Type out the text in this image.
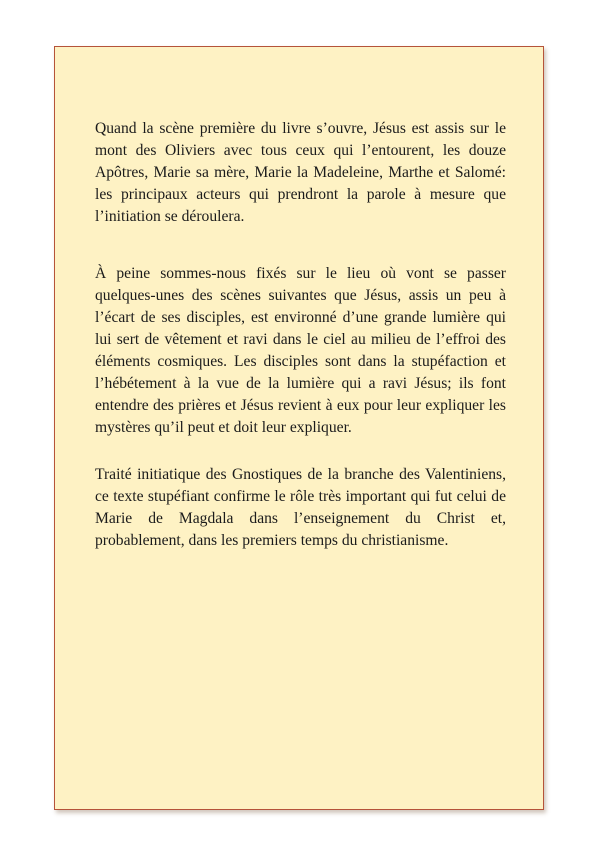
Quand la scène première du livre s’ouvre, Jésus est assis sur le mont des Oliviers avec tous ceux qui l’entourent, les douze Apôtres, Marie sa mère, Marie la Madeleine, Marthe et Salomé: les principaux acteurs qui prendront la parole à mesure que l’initiation se déroulera.

À peine sommes-nous fixés sur le lieu où vont se passer quelques-unes des scènes suivantes que Jésus, assis un peu à l’écart de ses disciples, est environné d’une grande lumière qui lui sert de vêtement et ravi dans le ciel au milieu de l’effroi des éléments cosmiques. Les disciples sont dans la stupéfaction et l’hébétement à la vue de la lumière qui a ravi Jésus; ils font entendre des prières et Jésus revient à eux pour leur expliquer les mystères qu’il peut et doit leur expliquer.

Traité initiatique des Gnostiques de la branche des Valentiniens, ce texte stupéfiant confirme le rôle très important qui fut celui de Marie de Magdala dans l’enseignement du Christ et, probablement, dans les premiers temps du christianisme.
